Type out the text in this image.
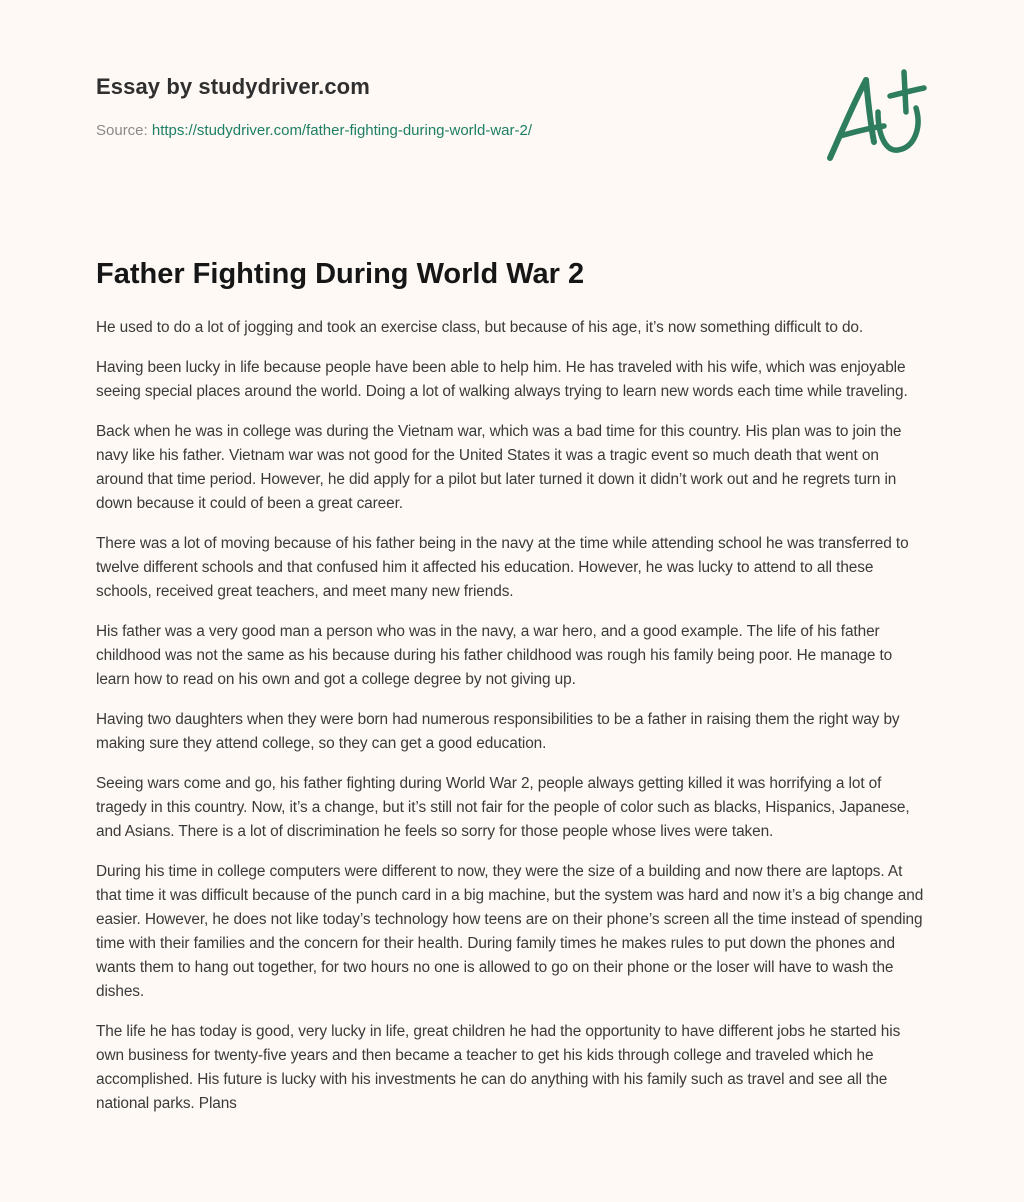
Essay by studydriver.com
Source: https://studydriver.com/father-fighting-during-world-war-2/
Father Fighting During World War 2

He used to do a lot of jogging and took an exercise class, but because of his age, it’s now something difficult to do.

Having been lucky in life because people have been able to help him. He has traveled with his wife, which was enjoyable seeing special places around the world. Doing a lot of walking always trying to learn new words each time while traveling.

Back when he was in college was during the Vietnam war, which was a bad time for this country. His plan was to join the navy like his father. Vietnam war was not good for the United States it was a tragic event so much death that went on around that time period. However, he did apply for a pilot but later turned it down it didn’t work out and he regrets turn in down because it could of been a great career.

There was a lot of moving because of his father being in the navy at the time while attending school he was transferred to twelve different schools and that confused him it affected his education. However, he was lucky to attend to all these schools, received great teachers, and meet many new friends.

His father was a very good man a person who was in the navy, a war hero, and a good example. The life of his father childhood was not the same as his because during his father childhood was rough his family being poor. He manage to learn how to read on his own and got a college degree by not giving up.

Having two daughters when they were born had numerous responsibilities to be a father in raising them the right way by making sure they attend college, so they can get a good education.

Seeing wars come and go, his father fighting during World War 2, people always getting killed it was horrifying a lot of tragedy in this country. Now, it’s a change, but it’s still not fair for the people of color such as blacks, Hispanics, Japanese, and Asians. There is a lot of discrimination he feels so sorry for those people whose lives were taken.

During his time in college computers were different to now, they were the size of a building and now there are laptops. At that time it was difficult because of the punch card in a big machine, but the system was hard and now it’s a big change and easier. However, he does not like today’s technology how teens are on their phone’s screen all the time instead of spending time with their families and the concern for their health. During family times he makes rules to put down the phones and wants them to hang out together, for two hours no one is allowed to go on their phone or the loser will have to wash the dishes.

The life he has today is good, very lucky in life, great children he had the opportunity to have different jobs he started his own business for twenty-five years and then became a teacher to get his kids through college and traveled which he accomplished. His future is lucky with his investments he can do anything with his family such as travel and see all the national parks. Plans
